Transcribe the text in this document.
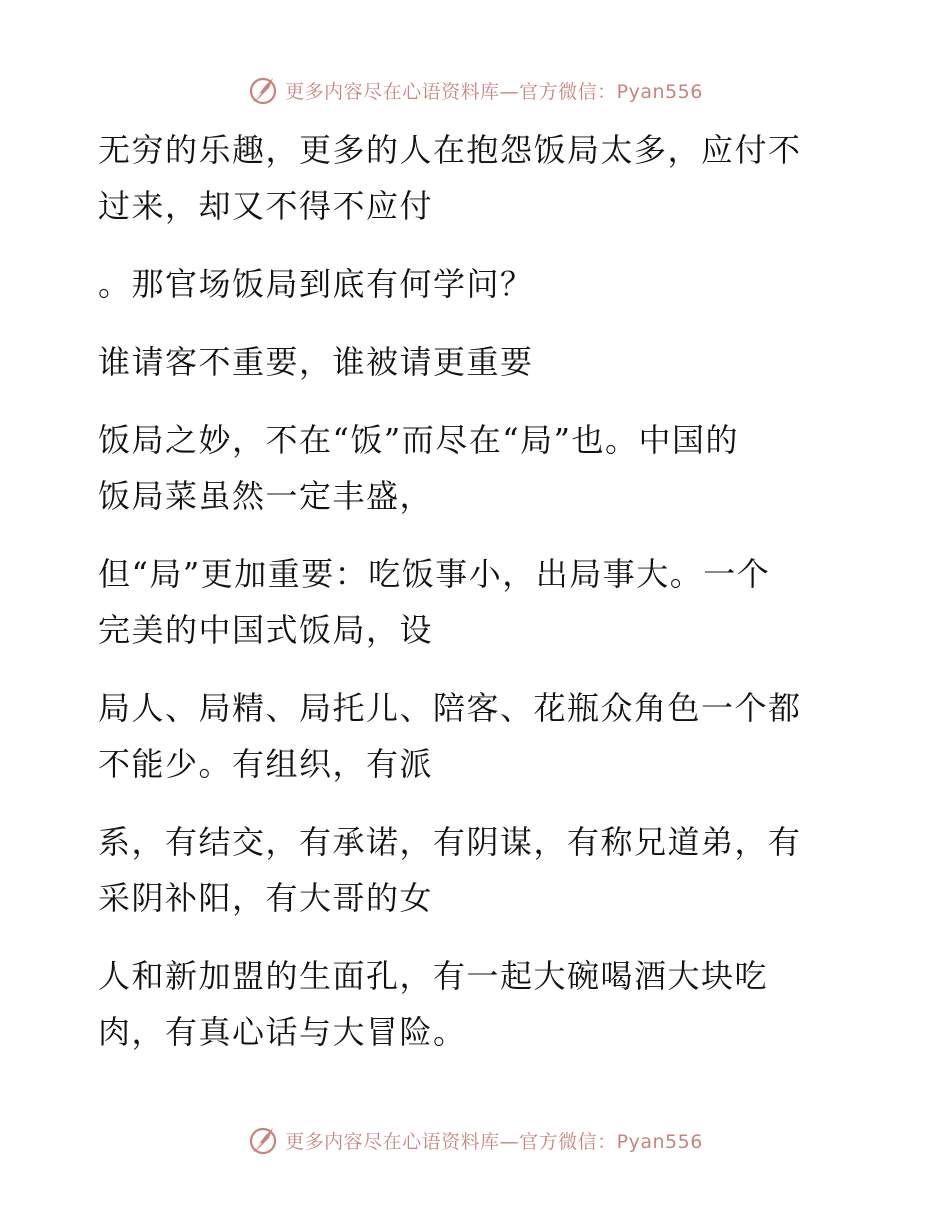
更多内容尽在心语资料库—官方微信：Pyan556

无穷的乐趣，更多的人在抱怨饭局太多，应付不
过来，却又不得不应付

。那官场饭局到底有何学问？

谁请客不重要，谁被请更重要

饭局之妙，不在“饭”而尽在“局”也。中国的
饭局菜虽然一定丰盛，

但“局”更加重要：吃饭事小，出局事大。一个
完美的中国式饭局，设

局人、局精、局托儿、陪客、花瓶众角色一个都
不能少。有组织，有派

系，有结交，有承诺，有阴谋，有称兄道弟，有
采阴补阳，有大哥的女

人和新加盟的生面孔，有一起大碗喝酒大块吃
肉，有真心话与大冒险。

更多内容尽在心语资料库—官方微信：Pyan556
